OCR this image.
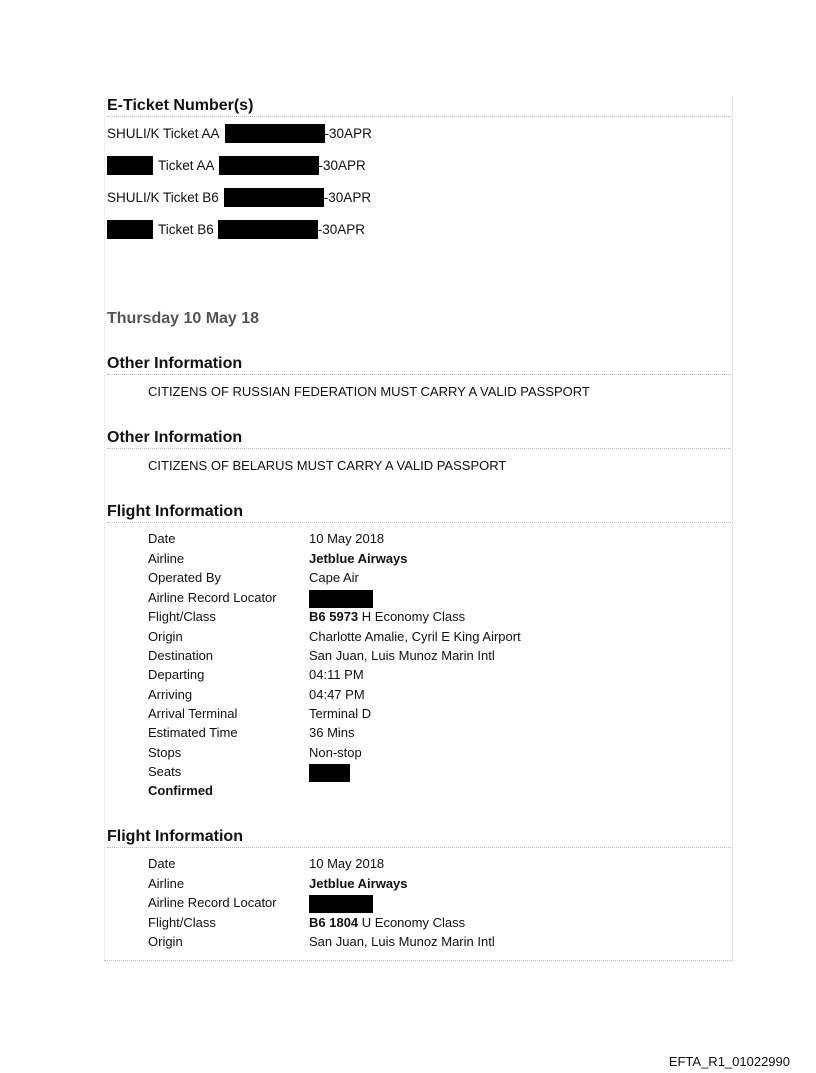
E-Ticket Number(s)
SHULI/K Ticket AA	-30APR
Ticket AA	-30APR
SHULI/K Ticket B6	-30APR
Ticket B6	-30APR
Thursday 10 May 18
Other Information
CITIZENS OF RUSSIAN FEDERATION MUST CARRY A VALID PASSPORT
Other Information
CITIZENS OF BELARUS MUST CARRY A VALID PASSPORT
Flight Information
Date	10 May 2018
Airline	Jetblue Airways
Operated By	Cape Air
Airline Record Locator
Flight/Class	B6 5973 H Economy Class
Origin	Charlotte Amalie, Cyril E King Airport
Destination	San Juan, Luis Munoz Marin Intl
Departing	04:11 PM
Arriving	04:47 PM
Arrival Terminal	Terminal D
Estimated Time	36 Mins
Stops	Non-stop
Seats
Confirmed
Flight Information
Date	10 May 2018
Airline	Jetblue Airways
Airline Record Locator
Flight/Class	B6 1804 U Economy Class
Origin	San Juan, Luis Munoz Marin Intl
EFTA_R1_01022990
